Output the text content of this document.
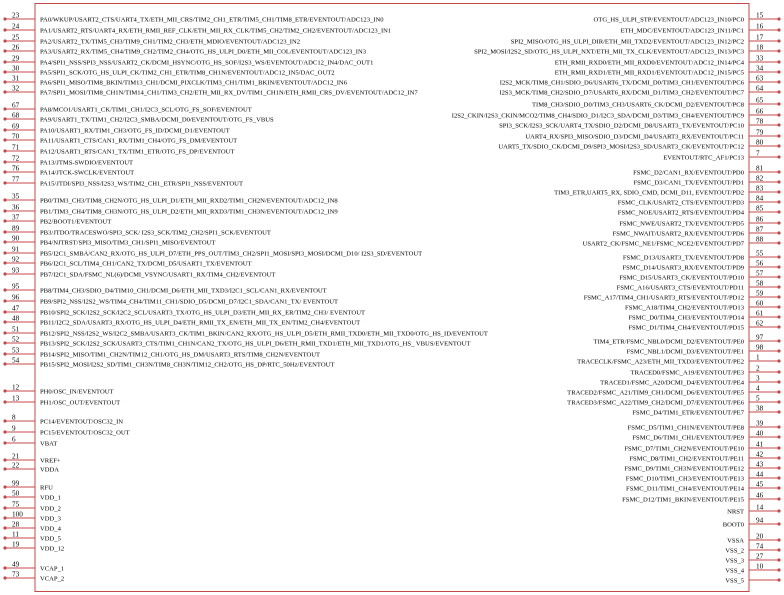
23
PA0/WKUP/USART2_CTS/UART4_TX/ETH_MII_CRS/TIM2_CH1_ETR/TIM5_CH1/TIM8_ETR/EVENTOUT/ADC123_IN0
24
PA1/USART2_RTS/UART4_RX/ETH_RMII_REF_CLK/ETH_MII_RX_CLK/TIM5_CH2/TIM2_CH2/EVENTOUT/ADC123_IN1
25
PA2/USART2_TX/TIM5_CH3/TIM9_CH1/TIM2_CH3/ETH_MDIO/EVENTOUT/ADC123_IN2
26
PA3/USART2_RX/TIM5_CH4/TIM9_CH2/TIM2_CH4/OTG_HS_ULPI_D0/ETH_MII_COL/EVENTOUT/ADC123_IN3
29
PA4/SPI1_NSS/SPI3_NSS/USART2_CK/DCMI_HSYNC/OTG_HS_SOF/I2S3_WS/EVENTOUT/ADC12_IN4/DAC_OUT1
30
PA5/SPI1_SCK/OTG_HS_ULPI_CK/TIM2_CH1_ETR/TIM8_CH1N/EVENTOUT/ADC12_IN5/DAC_OUT2
31
PA6/SPI1_MISO/TIM8_BKIN/TIM13_CH1/DCMI_PIXCLK/TIM3_CH1/TIM1_BKIN/EVENTOUT/ADC12_IN6
32
PA7/SPI1_MOSI/TIM8_CH1N/TIM14_CH1/TIM3_CH2/ETH_MII_RX_DV/TIM1_CH1N/ETH_RMII_CRS_DV/EVENTOUT/ADC12_IN7
67
PA8/MCO1/USART1_CK/TIM1_CH1/I2C3_SCL/OTG_FS_SOF/EVENTOUT
68
PA9/USART1_TX/TIM1_CH2/I2C3_SMBA/DCMI_D0/EVENTOUT/OTG_FS_VBUS
69
PA10/USART1_RX/TIM1_CH3/OTG_FS_ID/DCMI_D1/EVENTOUT
70
PA11/USART1_CTS/CAN1_RX/TIM1_CH4/OTG_FS_DM/EVENTOUT
71
PA12/USART1_RTS/CAN1_TX/TIM1_ETR/OTG_FS_DP/EVENTOUT
72
PA13/JTMS-SWDIO/EVENTOUT
76
PA14/JTCK-SWCLK/EVENTOUT
77
PA15/JTDI/SPI3_NSS/I2S3_WS/TIM2_CH1_ETR/SPI1_NSS/EVENTOUT
35
PB0/TIM3_CH3/TIM8_CH2N/OTG_HS_ULPI_D1/ETH_MII_RXD2/TIM1_CH2N/EVENTOUT/ADC12_IN8
36
PB1/TIM3_CH4/TIM8_CH3N/OTG_HS_ULPI_D2/ETH_MII_RXD3/TIM1_CH3N/EVENTOUT/ADC12_IN9
37
PB2/BOOT1/EVENTOUT
89
PB3/JTDO/TRACESWO/SPI3_SCK/ I2S3_SCK/TIM2_CH2/SPI1_SCK/EVENTOUT
90
PB4/NJTRST/SPI3_MISO/TIM3_CH1/SPI1_MISO/EVENTOUT
91
PB5/I2C1_SMBA/CAN2_RX/OTG_HS_ULPI_D7/ETH_PPS_OUT/TIM3_CH2/SPI1_MOSI/SPI3_MOSI/DCMI_D10/ I2S3_SD/EVENTOUT
92
PB6/I2C1_SCL/TIM4_CH1/CAN2_TX/DCMI_D5/USART1_TX/EVENTOUT
93
PB7/I2C1_SDA/FSMC_NL(6)/DCMI_VSYNC/USART1_RX/TIM4_CH2/EVENTOUT
95
PB8/TIM4_CH3/SDIO_D4/TIM10_CH1/DCMI_D6/ETH_MII_TXD3/I2C1_SCL/CAN1_RX/EVENTOUT
96
PB9/SPI2_NSS/I2S2_WS/TIM4_CH4/TIM11_CH1/SDIO_D5/DCMI_D7/I2C1_SDA/CAN1_TX/ EVENTOUT
47
PB10/SPI2_SCK/I2S2_SCK/I2C2_SCL/USART3_TX/OTG_HS_ULPI_D3/ETH_MII_RX_ER/TIM2_CH3/ EVENTOUT
48
PB11/I2C2_SDA/USART3_RX/OTG_HS_ULPI_D4/ETH_RMII_TX_EN/ETH_MII_TX_EN/TIM2_CH4/EVENTOUT
51
PB12/SPI2_NSS/I2S2_WS/I2C2_SMBA/USART3_CK/TIM1_BKIN/CAN2_RX/OTG_HS_ULPI_D5/ETH_RMII_TXD0/ETH_MII_TXD0/OTG_HS_ID/EVENTOUT
52
PB13/SPI2_SCK/I2S2_SCK/USART3_CTS/TIM1_CH1N/CAN2_TX/OTG_HS_ULPI_D6/ETH_RMII_TXD1/ETH_MII_TXD1/OTG_HS_ VBUS/EVENTOUT
53
PB14/SPI2_MISO/TIM1_CH2N/TIM12_CH1/OTG_HS_DM/USART3_RTS/TIM8_CH2N/EVENTOUT
54
PB15/SPI2_MOSI/I2S2_SD/TIM1_CH3N/TIM8_CH3N/TIM12_CH2/OTG_HS_DP/RTC_50Hz/EVENTOUT
12
PH0/OSC_IN/EVENTOUT
13
PH1/OSC_OUT/EVENTOUT
8
PC14/EVENTOUT/OSC32_IN
9
PC15/EVENTOUT/OSC32_OUT
6
VBAT
21
VREF+
22
VDDA
99
RFU
50
VDD_1
75
VDD_2
100
VDD_3
28
VDD_4
11
VDD_5
19
VDD_12
49
VCAP_1
73
VCAP_2
15
OTG_HS_ULPI_STP/EVENTOUT/ADC123_IN10/PC0
16
ETH_MDC/EVENTOUT/ADC123_IN11/PC1
17
SPI2_MISO/OTG_HS_ULPI_DIR/ETH_MII_TXD2/EVENTOUT/ADC123_IN12/PC2
18
SPI2_MOSI/I2S2_SD/OTG_HS_ULPI_NXT/ETH_MII_TX_CLK/EVENTOUT/ADC123_IN13/PC3
33
ETH_RMII_RXD0/ETH_MII_RXD0/EVENTOUT/ADC12_IN14/PC4
34
ETH_RMII_RXD1/ETH_MII_RXD1/EVENTOUT/ADC12_IN15/PC5
63
I2S2_MCK/TIM8_CH1/SDIO_D6/USART6_TX/DCMI_D0/TIM3_CH1/EVENTOUT/PC6
64
I2S3_MCK/TIM8_CH2/SDIO_D7/USART6_RX/DCMI_D1/TIM3_CH2/EVENTOUT/PC7
65
TIM8_CH3/SDIO_D0/TIM3_CH3/USART6_CK/DCMI_D2/EVENTOUT/PC8
66
I2S2_CKIN/I2S3_CKIN/MCO2/TIM8_CH4/SDIO_D1/I2C3_SDA/DCMI_D3/TIM3_CH4/EVENTOUT/PC9
78
SPI3_SCK/I2S3_SCK/UART4_TX/SDIO_D2/DCMI_D8/USART3_TX/EVENTOUT/PC10
79
UART4_RX/SPI3_MISO/SDIO_D3/DCMI_D4/USART3_RX/EVENTOUT/PC11
80
UART5_TX/SDIO_CK/DCMI_D9/SPI3_MOSI/I2S3_SD/USART3_CK/EVENTOUT/PC12
7
EVENTOUT/RTC_AF1/PC13
81
FSMC_D2/CAN1_RX/EVENTOUT/PD0
82
FSMC_D3/CAN1_TX/EVENTOUT/PD1
83
TIM3_ETR,UART5_RX, SDIO_CMD, DCMI_D11, EVENTOUT/PD2
84
FSMC_CLK/USART2_CTS/EVENTOUT/PD3
85
FSMC_NOE/USART2_RTS/EVENTOUT/PD4
86
FSMC_NWE/USART2_TX/EVENTOUT/PD5
87
FSMC_NWAIT/USART2_RX/EVENTOUT/PD6
88
USART2_CK/FSMC_NE1/FSMC_NCE2/EVENTOUT/PD7
55
FSMC_D13/USART3_TX/EVENTOUT/PD8
56
FSMC_D14/USART3_RX/EVENTOUT/PD9
57
FSMC_D15/USART3_CK/EVENTOUT/PD10
58
FSMC_A16/USART3_CTS/EVENTOUT/PD11
59
FSMC_A17/TIM4_CH1/USART3_RTS/EVENTOUT/PD12
60
FSMC_A18/TIM4_CH2/EVENTOUT/PD13
61
FSMC_D0/TIM4_CH3/EVENTOUT/PD14
62
FSMC_D1/TIM4_CH4/EVENTOUT/PD15
97
TIM4_ETR/FSMC_NBL0/DCMI_D2/EVENTOUT/PE0
98
FSMC_NBL1/DCMI_D3/EVENTOUT/PE1
1
TRACECLK/FSMC_A23/ETH_MII_TXD3/EVENTOUT/PE2
2
TRACED0/FSMC_A19/EVENTOUT/PE3
3
TRACED1/FSMC_A20/DCMI_D4/EVENTOUT/PE4
4
TRACED2/FSMC_A21/TIM9_CH1/DCMI_D6/EVENTOUT/PE5
5
TRACED3/FSMC_A22/TIM9_CH2/DCMI_D7/EVENTOUT/PE6
38
FSMC_D4/TIM1_ETR/EVENTOUT/PE7
39
FSMC_D5/TIM1_CH1N/EVENTOUT/PE8
40
FSMC_D6/TIM1_CH1/EVENTOUT/PE9
41
FSMC_D7/TIM1_CH2N/EVENTOUT/PE10
42
FSMC_D8/TIM1_CH2/EVENTOUT/PE11
43
FSMC_D9/TIM1_CH3N/EVENTOUT/PE12
44
FSMC_D10/TIM1_CH3/EVENTOUT/PE13
45
FSMC_D11/TIM1_CH4/EVENTOUT/PE14
46
FSMC_D12/TIM1_BKIN/EVENTOUT/PE15
14
NRST
94
BOOT0
20
VSSA
74
VSS_2
27
VSS_3
10
VSS_4
VSS_5
